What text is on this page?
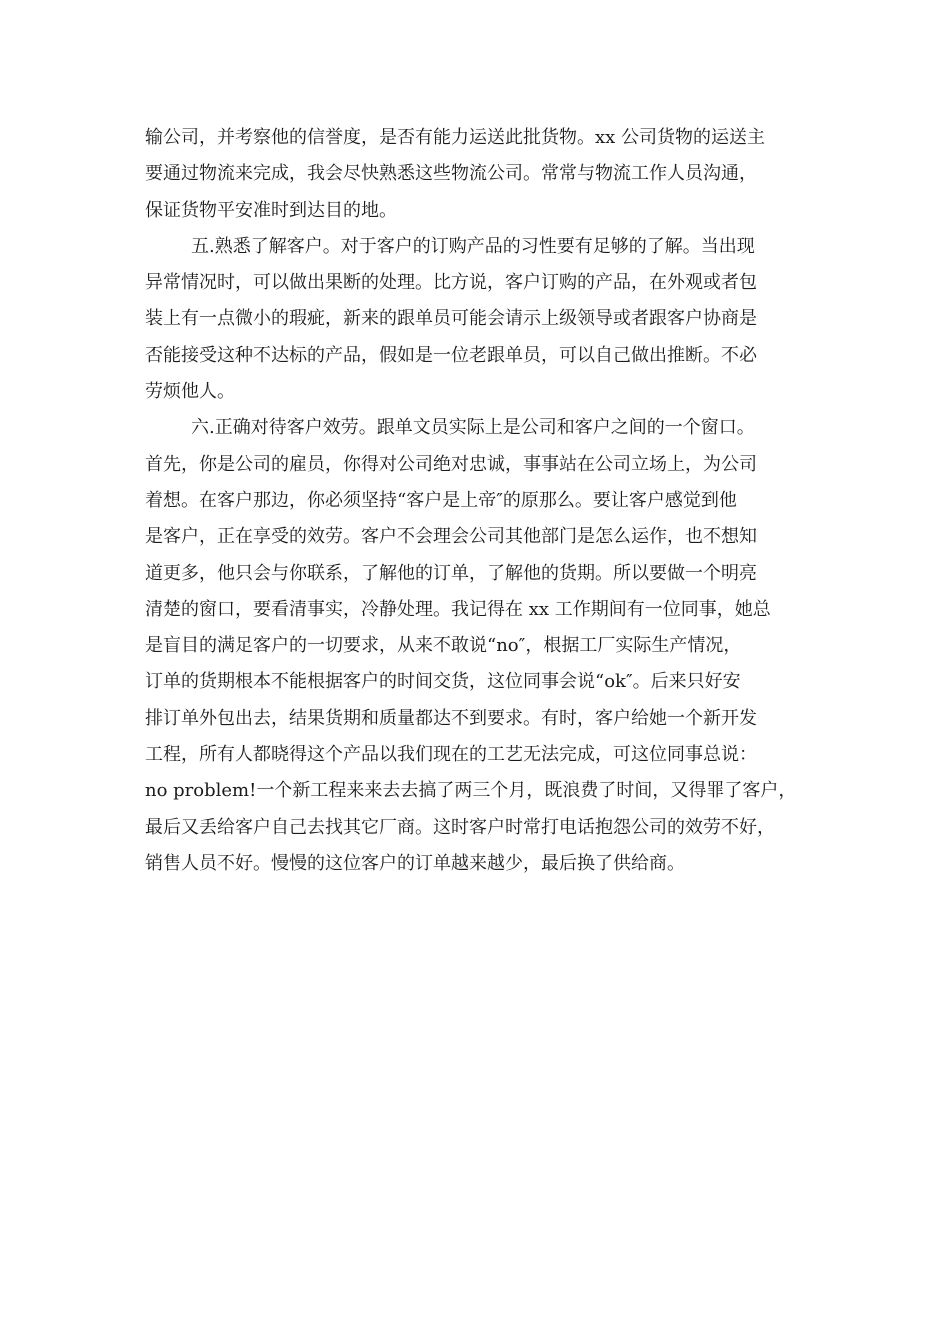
输公司，并考察他的信誉度，是否有能力运送此批货物。xx 公司货物的运送主
要通过物流来完成，我会尽快熟悉这些物流公司。常常与物流工作人员沟通，
保证货物平安准时到达目的地。
五.熟悉了解客户。对于客户的订购产品的习性要有足够的了解。当出现
异常情况时，可以做出果断的处理。比方说，客户订购的产品，在外观或者包
装上有一点微小的瑕疵，新来的跟单员可能会请示上级领导或者跟客户协商是
否能接受这种不达标的产品，假如是一位老跟单员，可以自己做出推断。不必
劳烦他人。
六.正确对待客户效劳。跟单文员实际上是公司和客户之间的一个窗口。
首先，你是公司的雇员，你得对公司绝对忠诚，事事站在公司立场上，为公司
着想。在客户那边，你必须坚持“客户是上帝″的原那么。要让客户感觉到他
是客户，正在享受的效劳。客户不会理会公司其他部门是怎么运作，也不想知
道更多，他只会与你联系，了解他的订单，了解他的货期。所以要做一个明亮
清楚的窗口，要看清事实，冷静处理。我记得在 xx 工作期间有一位同事，她总
是盲目的满足客户的一切要求，从来不敢说“no″，根据工厂实际生产情况，
订单的货期根本不能根据客户的时间交货，这位同事会说“ok″。后来只好安
排订单外包出去，结果货期和质量都达不到要求。有时，客户给她一个新开发
工程，所有人都晓得这个产品以我们现在的工艺无法完成，可这位同事总说：
no problem!一个新工程来来去去搞了两三个月，既浪费了时间，又得罪了客户，
最后又丢给客户自己去找其它厂商。这时客户时常打电话抱怨公司的效劳不好，
销售人员不好。慢慢的这位客户的订单越来越少，最后换了供给商。
